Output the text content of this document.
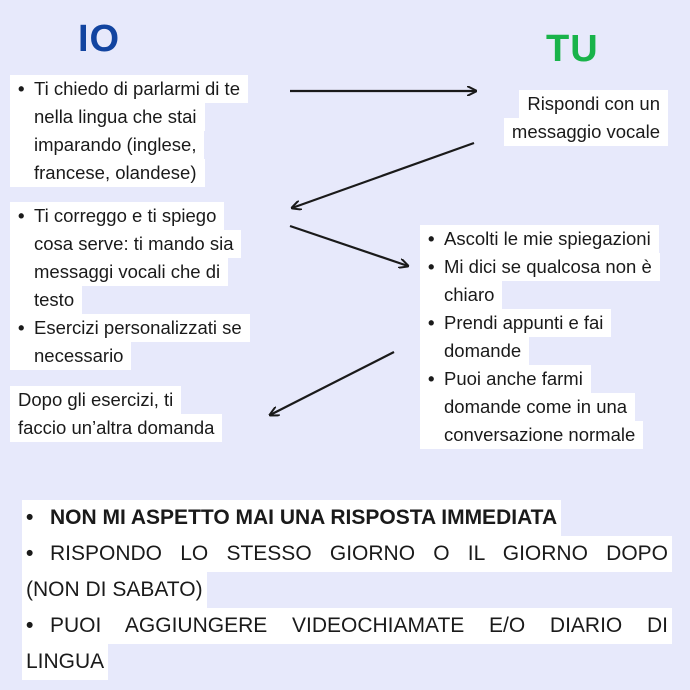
IO	TU
• Ti chiedo di parlarmi di te
nella lingua che stai
imparando (inglese,
francese, olandese)
Rispondi con un
messaggio vocale
• Ti correggo e ti spiego
cosa serve: ti mando sia
messaggi vocali che di
testo
• Esercizi personalizzati se
necessario
• Ascolti le mie spiegazioni
• Mi dici se qualcosa non è
chiaro
• Prendi appunti e fai
domande
• Puoi anche farmi
domande come in una
conversazione normale
Dopo gli esercizi, ti
faccio un’altra domanda
• NON MI ASPETTO MAI UNA RISPOSTA IMMEDIATA
• RISPONDO LO STESSO GIORNO O IL GIORNO DOPO
(NON DI SABATO)
• PUOI AGGIUNGERE VIDEOCHIAMATE E/O DIARIO DI
LINGUA
